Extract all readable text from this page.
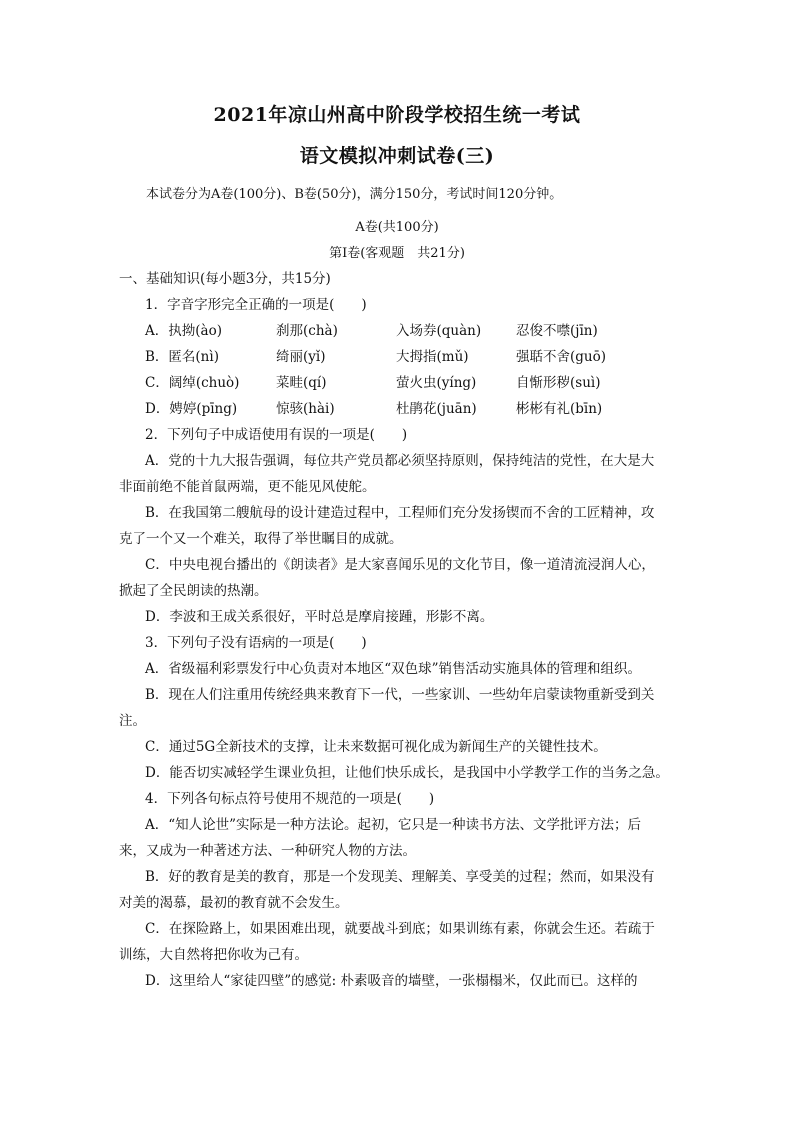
2021年凉山州高中阶段学校招生统一考试
语文模拟冲刺试卷(三)
本试卷分为A卷(100分)、B卷(50分)，满分150分，考试时间120分钟。
A卷(共100分)
第Ⅰ卷(客观题　共21分)
一、基础知识(每小题3分，共15分)
1．字音字形完全正确的一项是(　　)
A．执拗(ào)	刹那(chà)	入场券(quàn)	忍俊不噤(jīn)
B．匿名(nì)	绮丽(yǐ)	大拇指(mǔ)	强聒不舍(guō)
C．阔绰(chuò)	菜畦(qí)	萤火虫(yíng)	自惭形秽(suì)
D．娉婷(pīng)	惊骇(hài)	杜鹃花(juān)	彬彬有礼(bīn)
2．下列句子中成语使用有误的一项是(　　)
A．党的十九大报告强调，每位共产党员都必须坚持原则，保持纯洁的党性，在大是大
非面前绝不能首鼠两端，更不能见风使舵。
B．在我国第二艘航母的设计建造过程中，工程师们充分发扬锲而不舍的工匠精神，攻
克了一个又一个难关，取得了举世瞩目的成就。
C．中央电视台播出的《朗读者》是大家喜闻乐见的文化节目，像一道清流浸润人心，
掀起了全民朗读的热潮。
D．李波和王成关系很好，平时总是摩肩接踵，形影不离。
3．下列句子没有语病的一项是(　　)
A．省级福利彩票发行中心负责对本地区“双色球”销售活动实施具体的管理和组织。
B．现在人们注重用传统经典来教育下一代，一些家训、一些幼年启蒙读物重新受到关
注。
C．通过5G全新技术的支撑，让未来数据可视化成为新闻生产的关键性技术。
D．能否切实减轻学生课业负担，让他们快乐成长，是我国中小学教学工作的当务之急。
4．下列各句标点符号使用不规范的一项是(　　)
A．“知人论世”实际是一种方法论。起初，它只是一种读书方法、文学批评方法；后
来，又成为一种著述方法、一种研究人物的方法。
B．好的教育是美的教育，那是一个发现美、理解美、享受美的过程；然而，如果没有
对美的渴慕，最初的教育就不会发生。
C．在探险路上，如果困难出现，就要战斗到底；如果训练有素，你就会生还。若疏于
训练，大自然将把你收为己有。
D．这里给人“家徒四壁”的感觉: 朴素吸音的墙壁，一张榻榻米，仅此而已。这样的
